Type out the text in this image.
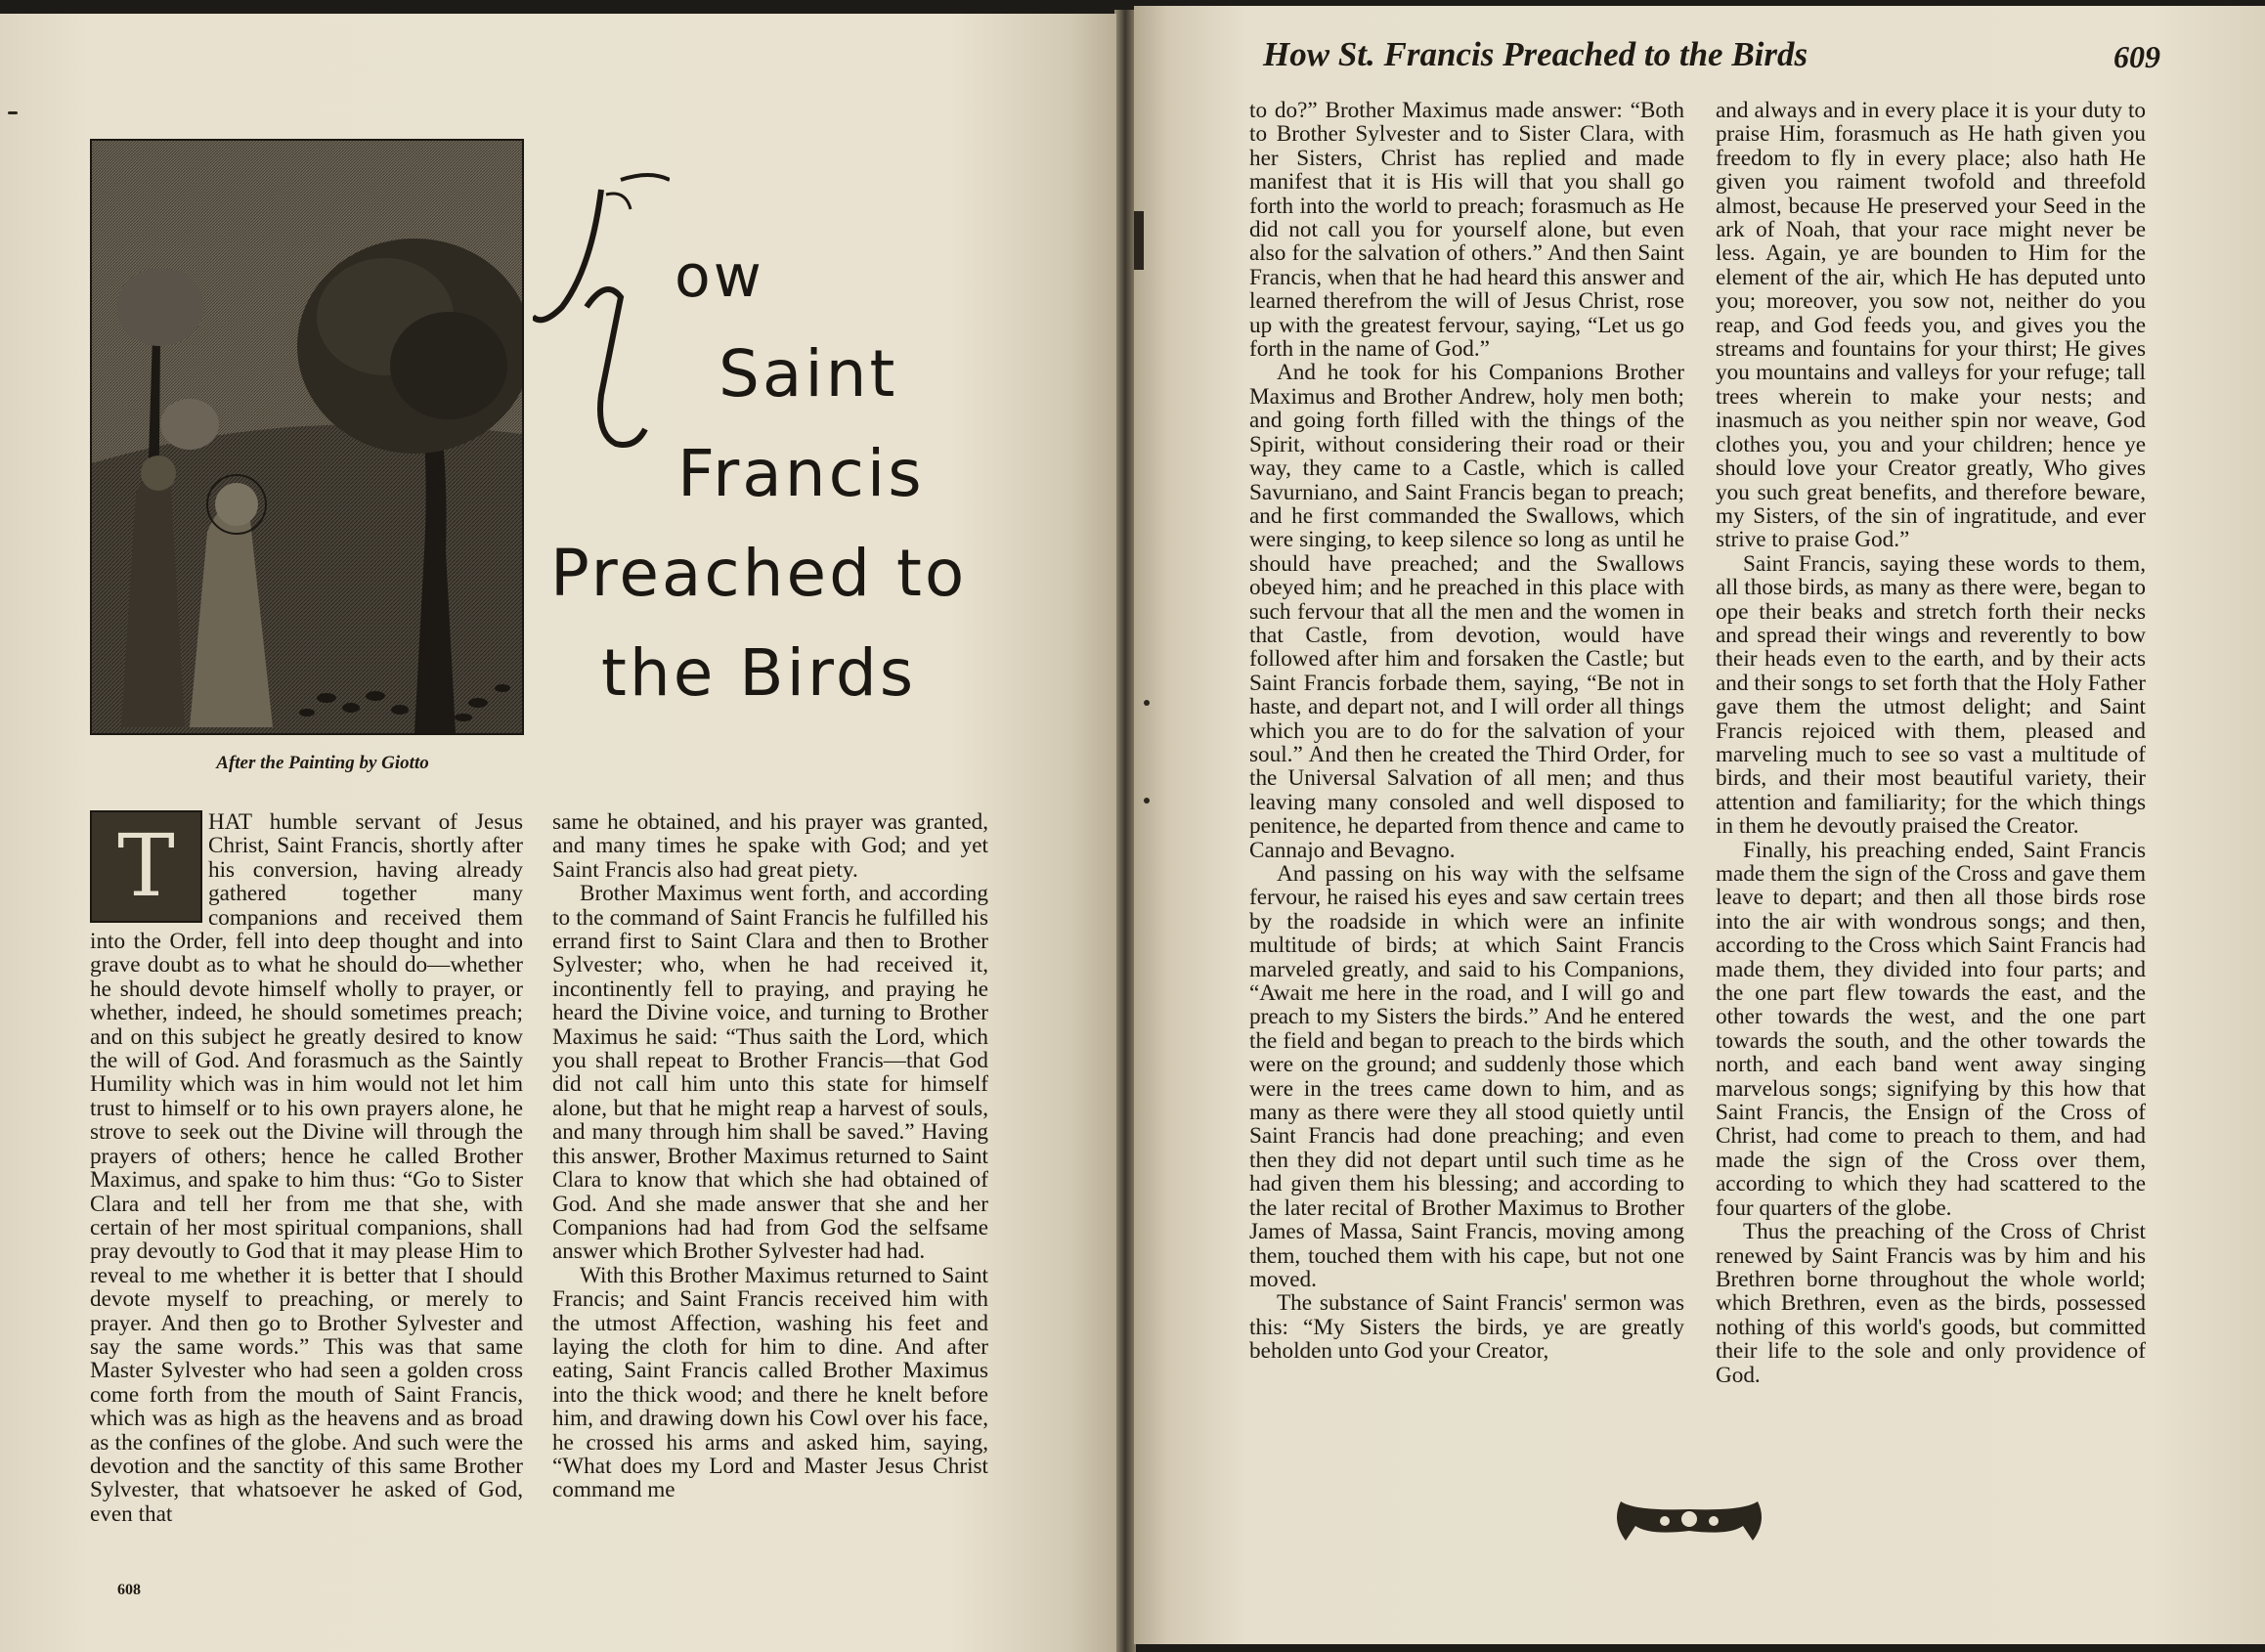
After the Painting by Giotto
ow
Saint
Francis
Preached to
the Birds
T	HAT humble servant of Jesus Christ, Saint Francis, shortly after his conversion, having already gathered together many companions and received them into the Order, fell into deep thought and into grave doubt as to what he should do—whether he should devote himself wholly to prayer, or whether, indeed, he should sometimes preach; and on this subject he greatly desired to know the will of God. And forasmuch as the Saintly Humility which was in him would not let him trust to himself or to his own prayers alone, he strove to seek out the Divine will through the prayers of others; hence he called Brother Maximus, and spake to him thus: “Go to Sister Clara and tell her from me that she, with certain of her most spiritual companions, shall pray devoutly to God that it may please Him to reveal to me whether it is better that I should devote myself to preaching, or merely to prayer. And then go to Brother Sylvester and say the same words.” This was that same Master Sylvester who had seen a golden cross come forth from the mouth of Saint Francis, which was as high as the heavens and as broad as the confines of the globe. And such were the devotion and the sanctity of this same Brother Sylvester, that whatsoever he asked of God, even that

same he obtained, and his prayer was granted, and many times he spake with God; and yet Saint Francis also had great piety.

Brother Maximus went forth, and according to the command of Saint Francis he fulfilled his errand first to Saint Clara and then to Brother Sylvester; who, when he had received it, incontinently fell to praying, and praying he heard the Divine voice, and turning to Brother Maximus he said: “Thus saith the Lord, which you shall repeat to Brother Francis—that God did not call him unto this state for himself alone, but that he might reap a harvest of souls, and many through him shall be saved.” Having this answer, Brother Maximus returned to Saint Clara to know that which she had obtained of God. And she made answer that she and her Companions had had from God the selfsame answer which Brother Sylvester had had.

With this Brother Maximus returned to Saint Francis; and Saint Francis received him with the utmost Affection, washing his feet and laying the cloth for him to dine. And after eating, Saint Francis called Brother Maximus into the thick wood; and there he knelt before him, and drawing down his Cowl over his face, he crossed his arms and asked him, saying, “What does my Lord and Master Jesus Christ command me

608
How St. Francis Preached to the Birds	609

to do?” Brother Maximus made answer: “Both to Brother Sylvester and to Sister Clara, with her Sisters, Christ has replied and made manifest that it is His will that you shall go forth into the world to preach; forasmuch as He did not call you for yourself alone, but even also for the salvation of others.” And then Saint Francis, when that he had heard this answer and learned therefrom the will of Jesus Christ, rose up with the greatest fervour, saying, “Let us go forth in the name of God.”

And he took for his Companions Brother Maximus and Brother Andrew, holy men both; and going forth filled with the things of the Spirit, without considering their road or their way, they came to a Castle, which is called Savurniano, and Saint Francis began to preach; and he first commanded the Swallows, which were singing, to keep silence so long as until he should have preached; and the Swallows obeyed him; and he preached in this place with such fervour that all the men and the women in that Castle, from devotion, would have followed after him and forsaken the Castle; but Saint Francis forbade them, saying, “Be not in haste, and depart not, and I will order all things which you are to do for the salvation of your soul.” And then he created the Third Order, for the Universal Salvation of all men; and thus leaving many consoled and well disposed to penitence, he departed from thence and came to Cannajo and Bevagno.

And passing on his way with the selfsame fervour, he raised his eyes and saw certain trees by the roadside in which were an infinite multitude of birds; at which Saint Francis marveled greatly, and said to his Companions, “Await me here in the road, and I will go and preach to my Sisters the birds.” And he entered the field and began to preach to the birds which were on the ground; and suddenly those which were in the trees came down to him, and as many as there were they all stood quietly until Saint Francis had done preaching; and even then they did not depart until such time as he had given them his blessing; and according to the later recital of Brother Maximus to Brother James of Massa, Saint Francis, moving among them, touched them with his cape, but not one moved.

The substance of Saint Francis' sermon was this: “My Sisters the birds, ye are greatly beholden unto God your Creator,

and always and in every place it is your duty to praise Him, forasmuch as He hath given you freedom to fly in every place; also hath He given you raiment twofold and threefold almost, because He preserved your Seed in the ark of Noah, that your race might never be less. Again, ye are bounden to Him for the element of the air, which He has deputed unto you; moreover, you sow not, neither do you reap, and God feeds you, and gives you the streams and fountains for your thirst; He gives you mountains and valleys for your refuge; tall trees wherein to make your nests; and inasmuch as you neither spin nor weave, God clothes you, you and your children; hence ye should love your Creator greatly, Who gives you such great benefits, and therefore beware, my Sisters, of the sin of ingratitude, and ever strive to praise God.”

Saint Francis, saying these words to them, all those birds, as many as there were, began to ope their beaks and stretch forth their necks and spread their wings and reverently to bow their heads even to the earth, and by their acts and their songs to set forth that the Holy Father gave them the utmost delight; and Saint Francis rejoiced with them, pleased and marveling much to see so vast a multitude of birds, and their most beautiful variety, their attention and familiarity; for the which things in them he devoutly praised the Creator.

Finally, his preaching ended, Saint Francis made them the sign of the Cross and gave them leave to depart; and then all those birds rose into the air with wondrous songs; and then, according to the Cross which Saint Francis had made them, they divided into four parts; and the one part flew towards the east, and the other towards the west, and the one part towards the south, and the other towards the north, and each band went away singing marvelous songs; signifying by this how that Saint Francis, the Ensign of the Cross of Christ, had come to preach to them, and had made the sign of the Cross over them, according to which they had scattered to the four quarters of the globe.

Thus the preaching of the Cross of Christ renewed by Saint Francis was by him and his Brethren borne throughout the whole world; which Brethren, even as the birds, possessed nothing of this world's goods, but committed their life to the sole and only providence of God.
